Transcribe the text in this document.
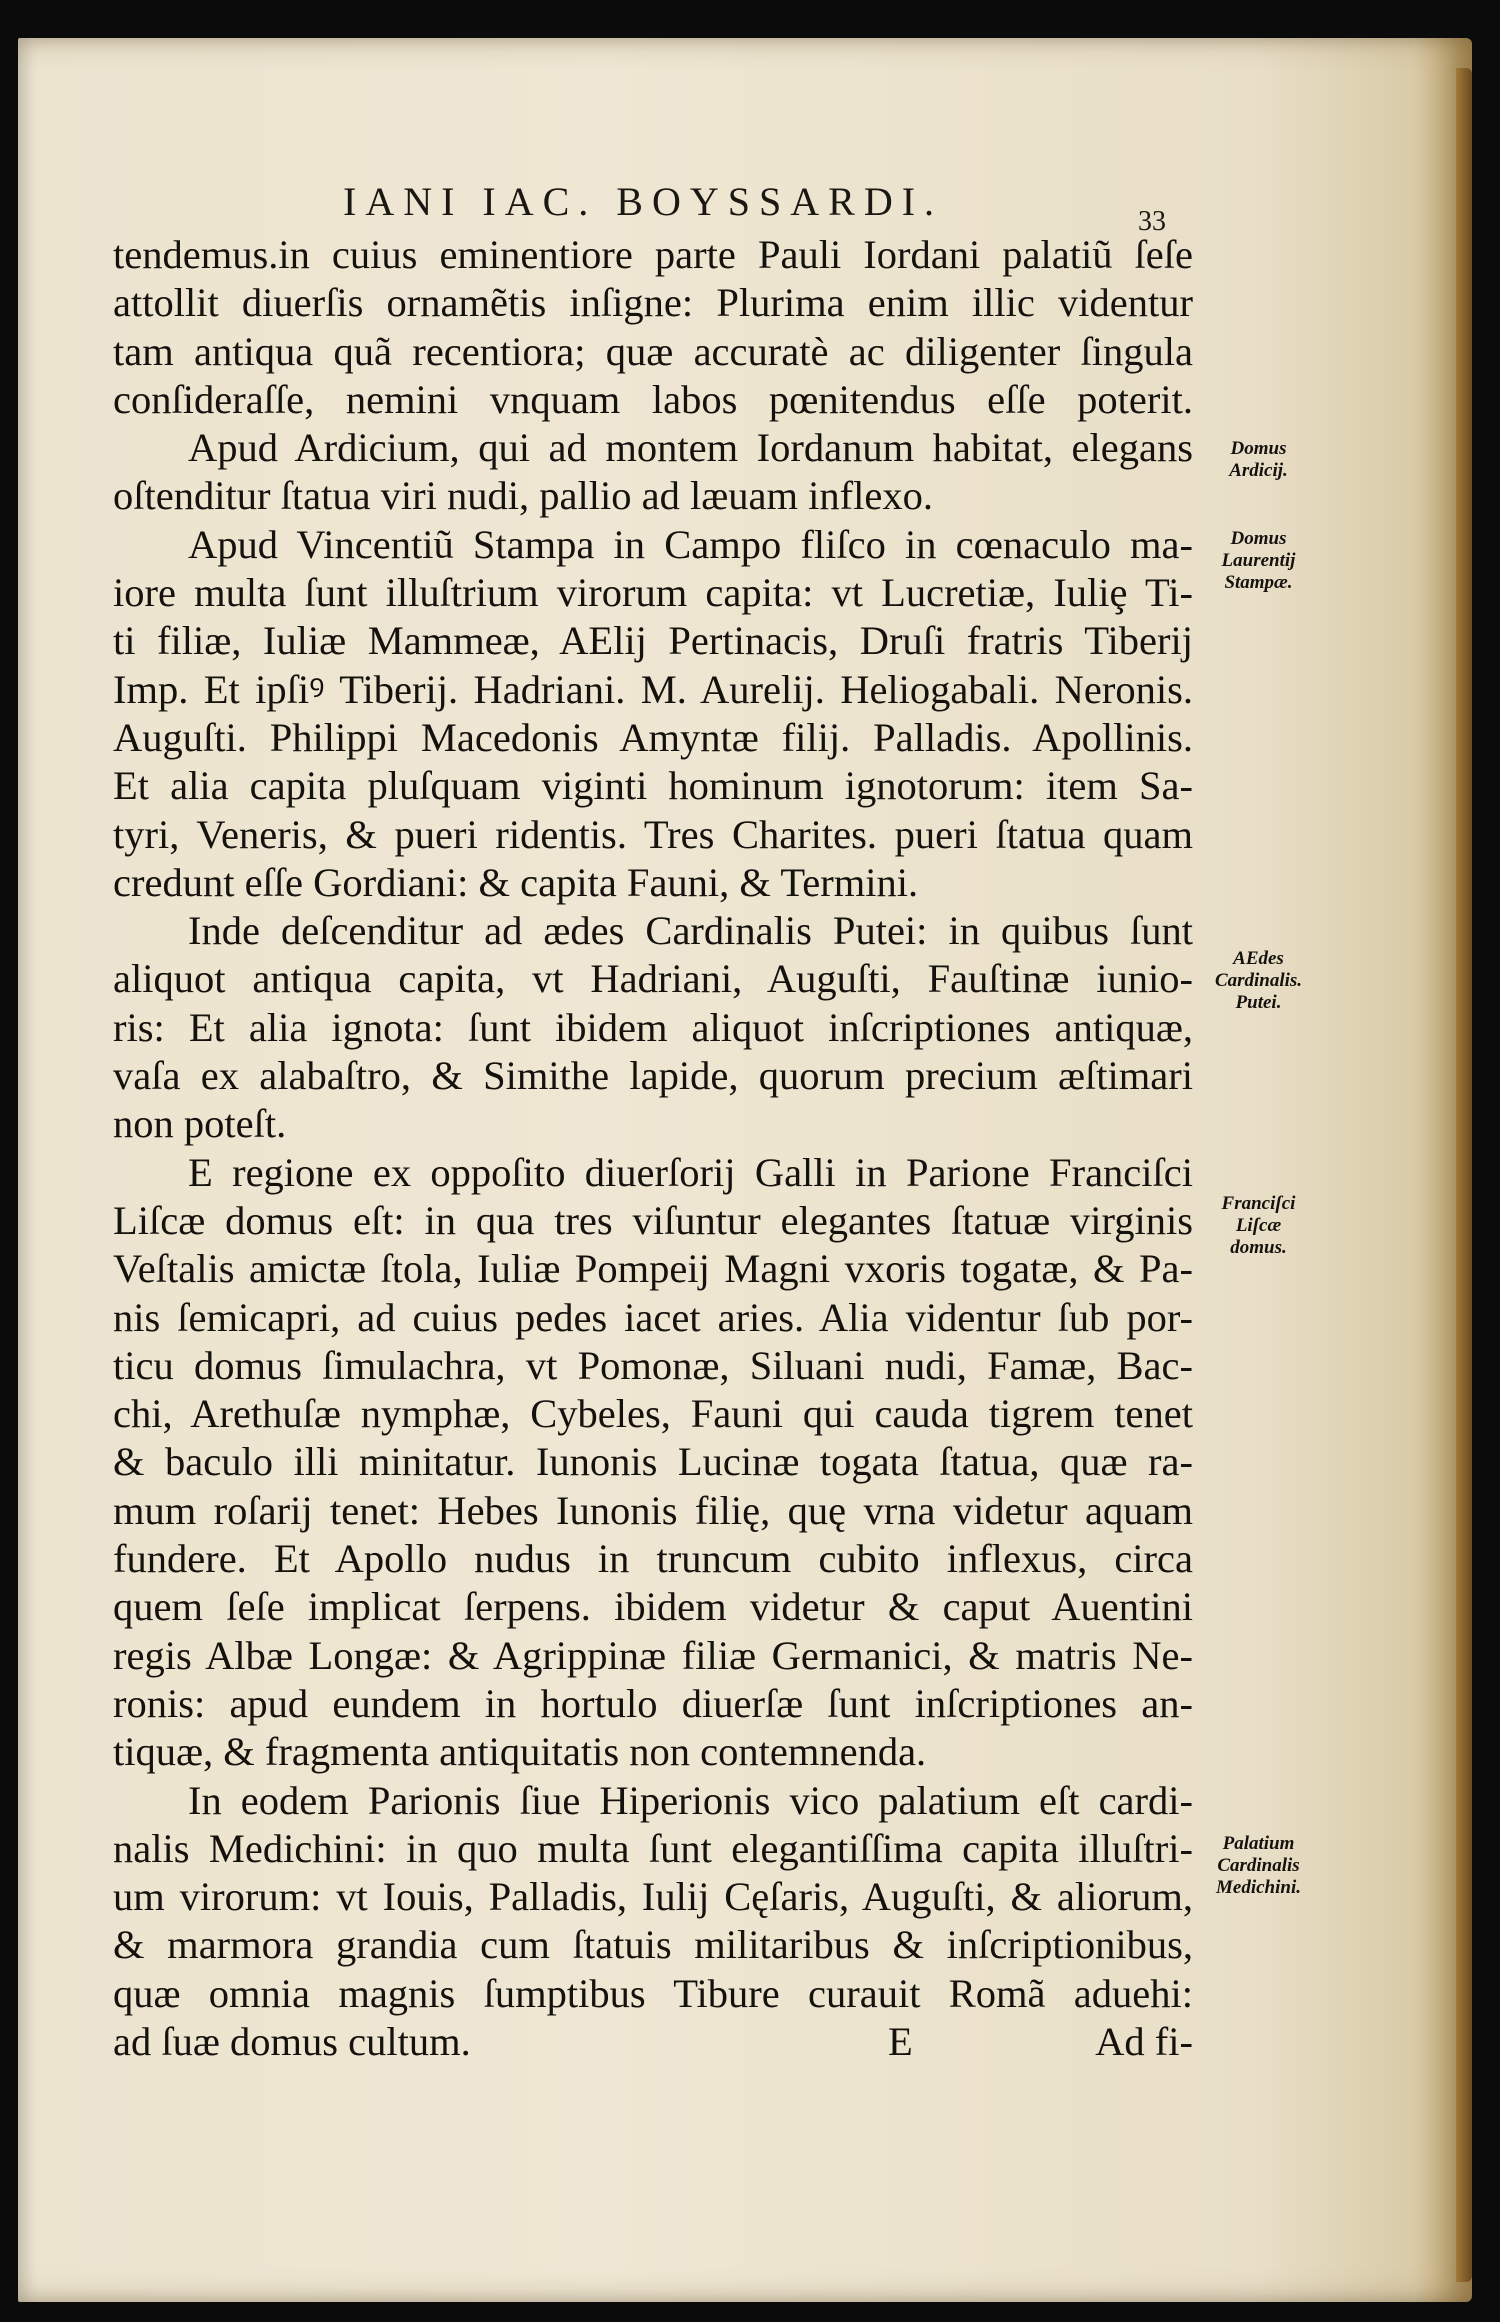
IANI IAC. BOYSSARDI.	33
tendemus.in cuius eminentiore parte Pauli Iordani palatiũ ſeſe
attollit diuerſis ornamẽtis inſigne: Plurima enim illic videntur
tam antiqua quã recentiora; quæ accuratè ac diligenter ſingula
conſideraſſe, nemini vnquam labos pœnitendus eſſe poterit.
Apud Ardicium, qui ad montem Iordanum habitat, elegans
oſtenditur ſtatua viri nudi, pallio ad læuam inflexo.
Apud Vincentiũ Stampa in Campo fliſco in cœnaculo ma-
iore multa ſunt illuſtrium virorum capita: vt Lucretiæ, Iuliȩ Ti-
ti filiæ, Iuliæ Mammeæ, AElij Pertinacis, Druſi fratris Tiberij
Imp. Et ipſiꝰ Tiberij. Hadriani. M. Aurelij. Heliogabali. Neronis.
Auguſti. Philippi Macedonis Amyntæ filij. Palladis. Apollinis.
Et alia capita pluſquam viginti hominum ignotorum: item Sa-
tyri, Veneris, & pueri ridentis. Tres Charites. pueri ſtatua quam
credunt eſſe Gordiani: & capita Fauni, & Termini.
Inde deſcenditur ad ædes Cardinalis Putei: in quibus ſunt
aliquot antiqua capita, vt Hadriani, Auguſti, Fauſtinæ iunio-
ris: Et alia ignota: ſunt ibidem aliquot inſcriptiones antiquæ,
vaſa ex alabaſtro, & Simithe lapide, quorum precium æſtimari
non poteſt.
E regione ex oppoſito diuerſorij Galli in Parione Franciſci
Liſcæ domus eſt: in qua tres viſuntur elegantes ſtatuæ virginis
Veſtalis amictæ ſtola, Iuliæ Pompeij Magni vxoris togatæ, & Pa-
nis ſemicapri, ad cuius pedes iacet aries. Alia videntur ſub por-
ticu domus ſimulachra, vt Pomonæ, Siluani nudi, Famæ, Bac-
chi, Arethuſæ nymphæ, Cybeles, Fauni qui cauda tigrem tenet
& baculo illi minitatur. Iunonis Lucinæ togata ſtatua, quæ ra-
mum roſarij tenet: Hebes Iunonis filię, quę vrna videtur aquam
fundere. Et Apollo nudus in truncum cubito inflexus, circa
quem ſeſe implicat ſerpens. ibidem videtur & caput Auentini
regis Albæ Longæ: & Agrippinæ filiæ Germanici, & matris Ne-
ronis: apud eundem in hortulo diuerſæ ſunt inſcriptiones an-
tiquæ, & fragmenta antiquitatis non contemnenda.
In eodem Parionis ſiue Hiperionis vico palatium eſt cardi-
nalis Medichini: in quo multa ſunt elegantiſſima capita illuſtri-
um virorum: vt Iouis, Palladis, Iulij Cęſaris, Auguſti, & aliorum,
& marmora grandia cum ſtatuis militaribus & inſcriptionibus,
quæ omnia magnis ſumptibus Tibure curauit Romã aduehi:
ad ſuæ domus cultum.	E	Ad fi-
Domus Ardicij.
Domus Laurentij Stampæ.
AEdes Cardinalis. Putei.
Franciſci Liſcæ domus.
Palatium Cardinalis Medichini.
